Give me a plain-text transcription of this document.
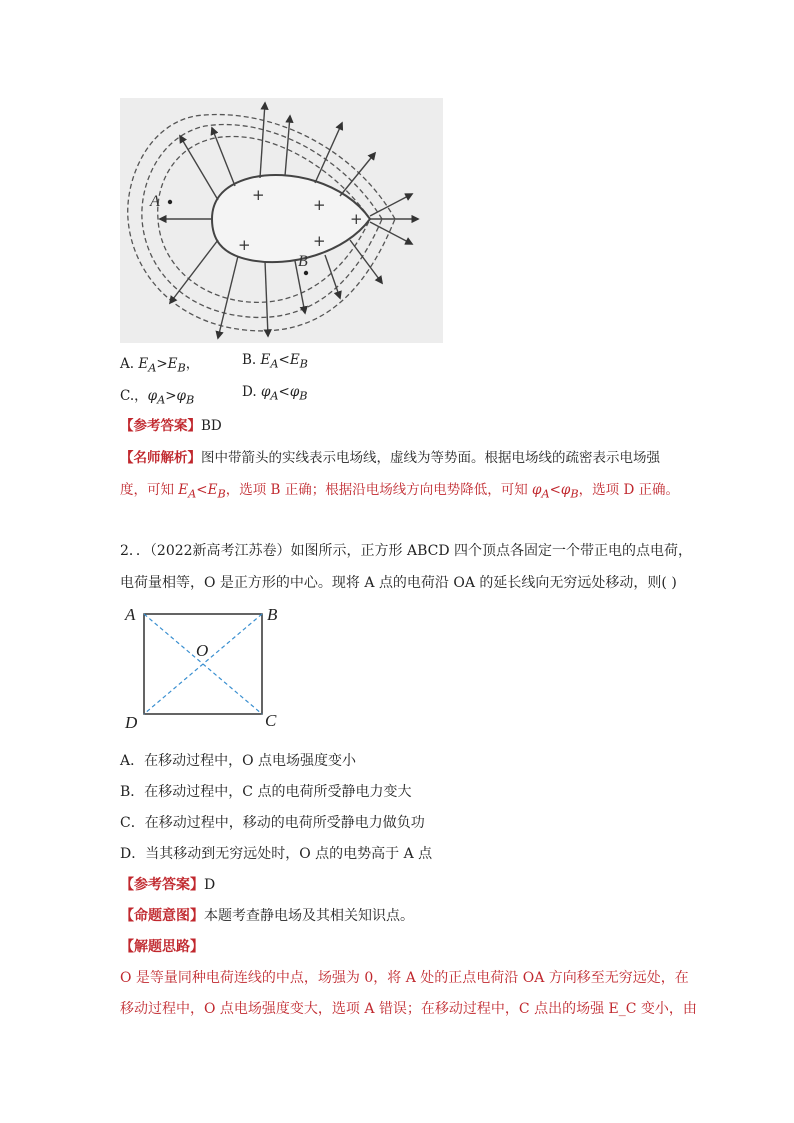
+
+
+
+
+
A
B
A. $E_A>E_B$，	B. $E_A<E_B$
C.，$\varphi_A>\varphi_B$
D. $\varphi_A<\varphi_B$
【参考答案】BD
【名师解析】图中带箭头的实线表示电场线，虚线为等势面。根据电场线的疏密表示电场强
度，可知 $E_A<E_B$，选项 B 正确；根据沿电场线方向电势降低，可知 $\varphi_A<\varphi_B$，选项 D 正确。
2．．（2022新高考江苏卷）如图所示，正方形 ABCD 四个顶点各固定一个带正电的点电荷，
电荷量相等，O 是正方形的中心。现将 A 点的电荷沿 OA 的延长线向无穷远处移动，则( )
A	B
C
D
O
A．在移动过程中，O 点电场强度变小
B．在移动过程中，C 点的电荷所受静电力变大
C．在移动过程中，移动的电荷所受静电力做负功
D．当其移动到无穷远处时，O 点的电势高于 A 点
【参考答案】D
【命题意图】本题考查静电场及其相关知识点。
【解题思路】
O 是等量同种电荷连线的中点，场强为 0，将 A 处的正点电荷沿 OA 方向移至无穷远处，在
移动过程中，O 点电场强度变大，选项 A 错误；在移动过程中，C 点出的场强 E_C 变小，由
